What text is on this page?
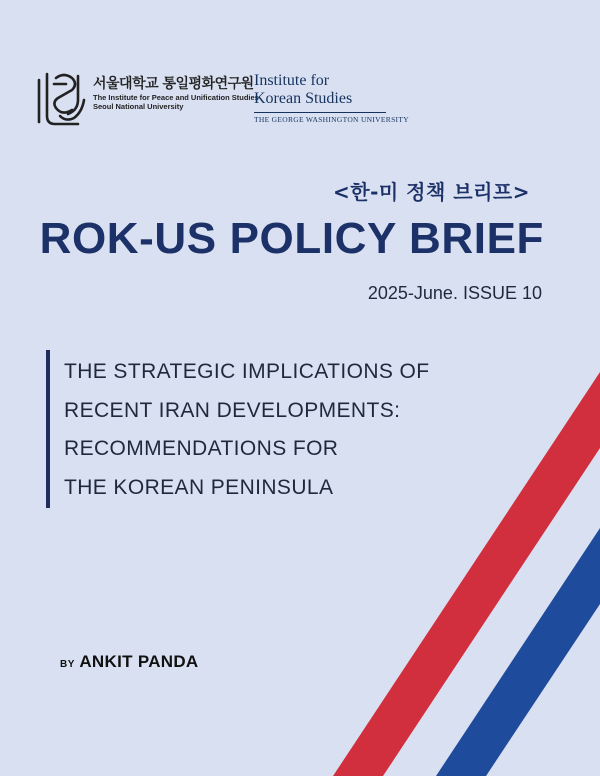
서울대학교 통일평화연구원
The Institute for Peace and Unification Studies
Seoul National University
Institute for
Korean Studies
THE GEORGE WASHINGTON UNIVERSITY
<한-미 정책 브리프>
ROK-US POLICY BRIEF
2025-June. ISSUE 10
THE STRATEGIC IMPLICATIONS OF
RECENT IRAN DEVELOPMENTS:
RECOMMENDATIONS FOR
THE KOREAN PENINSULA
BY ANKIT PANDA
